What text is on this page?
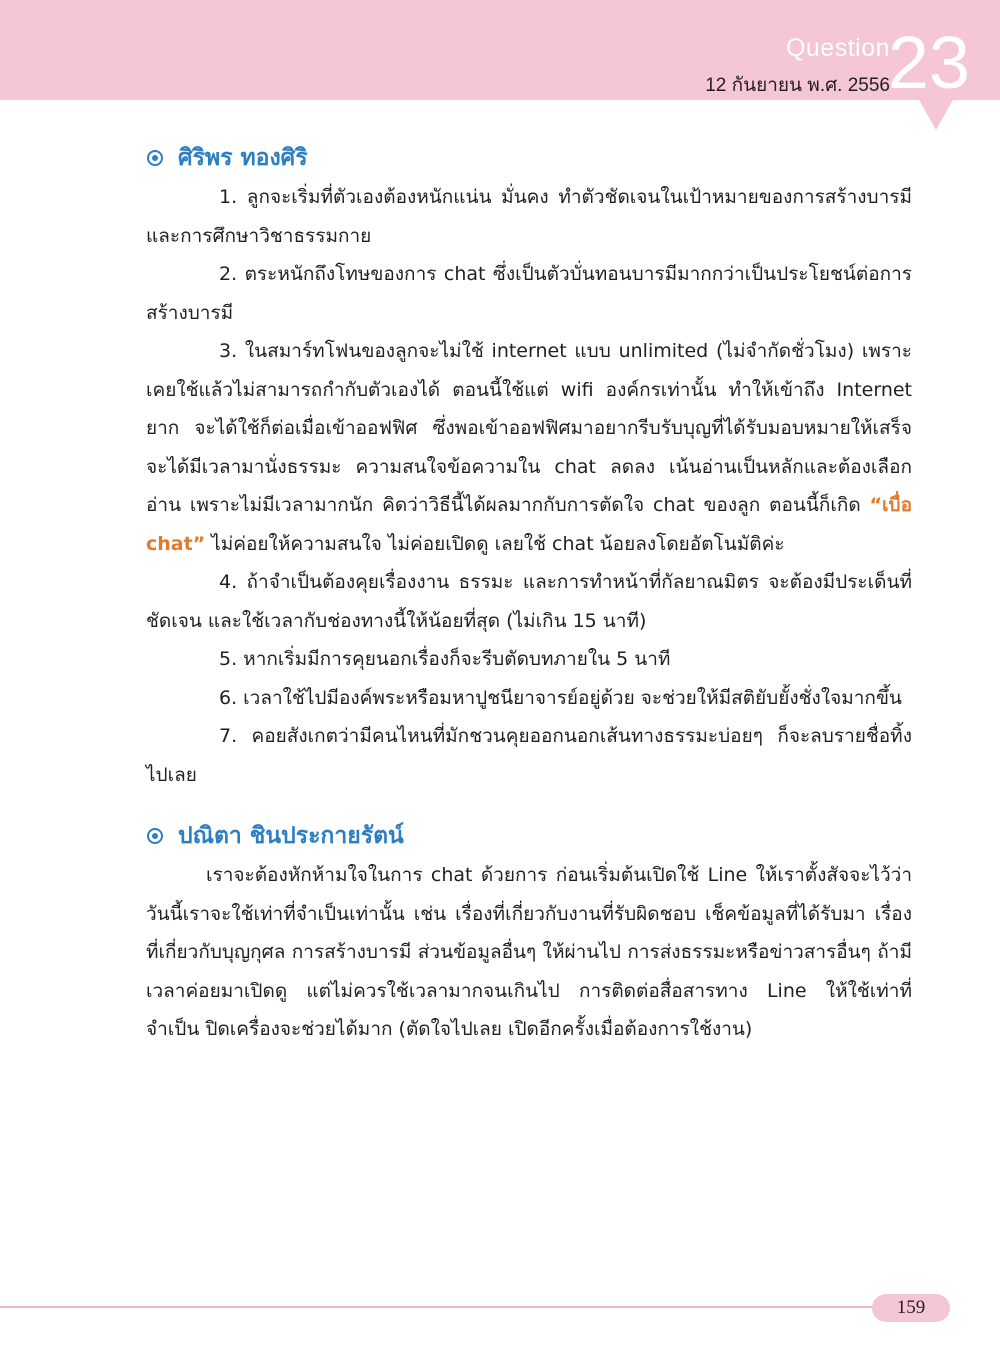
Question
12 กันยายน พ.ศ. 2556
23
ศิริพร ทองศิริ

1. ลูกจะเริ่มที่ตัวเองต้องหนักแน่น มั่นคง ทำตัวชัดเจนในเป้าหมายของการสร้างบารมีและการศึกษาวิชาธรรมกาย

2. ตระหนักถึงโทษของการ chat ซึ่งเป็นตัวบั่นทอนบารมีมากกว่าเป็นประโยชน์ต่อการสร้างบารมี

3. ในสมาร์ทโฟนของลูกจะไม่ใช้ internet แบบ unlimited (ไม่จำกัดชั่วโมง) เพราะเคยใช้แล้วไม่สามารถกำกับตัวเองได้ ตอนนี้ใช้แต่ wifi องค์กรเท่านั้น ทำให้เข้าถึง Internet ยาก จะได้ใช้ก็ต่อเมื่อเข้าออฟฟิศ ซึ่งพอเข้าออฟฟิศมาอยากรีบรับบุญที่ได้รับมอบหมายให้เสร็จจะได้มีเวลามานั่งธรรมะ ความสนใจข้อความใน chat ลดลง เน้นอ่านเป็นหลักและต้องเลือกอ่าน เพราะไม่มีเวลามากนัก คิดว่าวิธีนี้ได้ผลมากกับการตัดใจ chat ของลูก ตอนนี้ก็เกิด “เบื่อ chat” ไม่ค่อยให้ความสนใจ ไม่ค่อยเปิดดู เลยใช้ chat น้อยลงโดยอัตโนมัติค่ะ

4. ถ้าจำเป็นต้องคุยเรื่องงาน ธรรมะ และการทำหน้าที่กัลยาณมิตร จะต้องมีประเด็นที่ชัดเจน และใช้เวลากับช่องทางนี้ให้น้อยที่สุด (ไม่เกิน 15 นาที)

5. หากเริ่มมีการคุยนอกเรื่องก็จะรีบตัดบทภายใน 5 นาที

6. เวลาใช้ไปมีองค์พระหรือมหาปูชนียาจารย์อยู่ด้วย จะช่วยให้มีสติยับยั้งชั่งใจมากขึ้น

7. คอยสังเกตว่ามีคนไหนที่มักชวนคุยออกนอกเส้นทางธรรมะบ่อยๆ ก็จะลบรายชื่อทิ้งไปเลย

ปณิตา ชินประกายรัตน์

เราจะต้องหักห้ามใจในการ chat ด้วยการ ก่อนเริ่มต้นเปิดใช้ Line ให้เราตั้งสัจจะไว้ว่าวันนี้เราจะใช้เท่าที่จำเป็นเท่านั้น เช่น เรื่องที่เกี่ยวกับงานที่รับผิดชอบ เช็คข้อมูลที่ได้รับมา เรื่องที่เกี่ยวกับบุญกุศล การสร้างบารมี ส่วนข้อมูลอื่นๆ ให้ผ่านไป การส่งธรรมะหรือข่าวสารอื่นๆ ถ้ามีเวลาค่อยมาเปิดดู แต่ไม่ควรใช้เวลามากจนเกินไป การติดต่อสื่อสารทาง Line ให้ใช้เท่าที่จำเป็น ปิดเครื่องจะช่วยได้มาก (ตัดใจไปเลย เปิดอีกครั้งเมื่อต้องการใช้งาน)

159
